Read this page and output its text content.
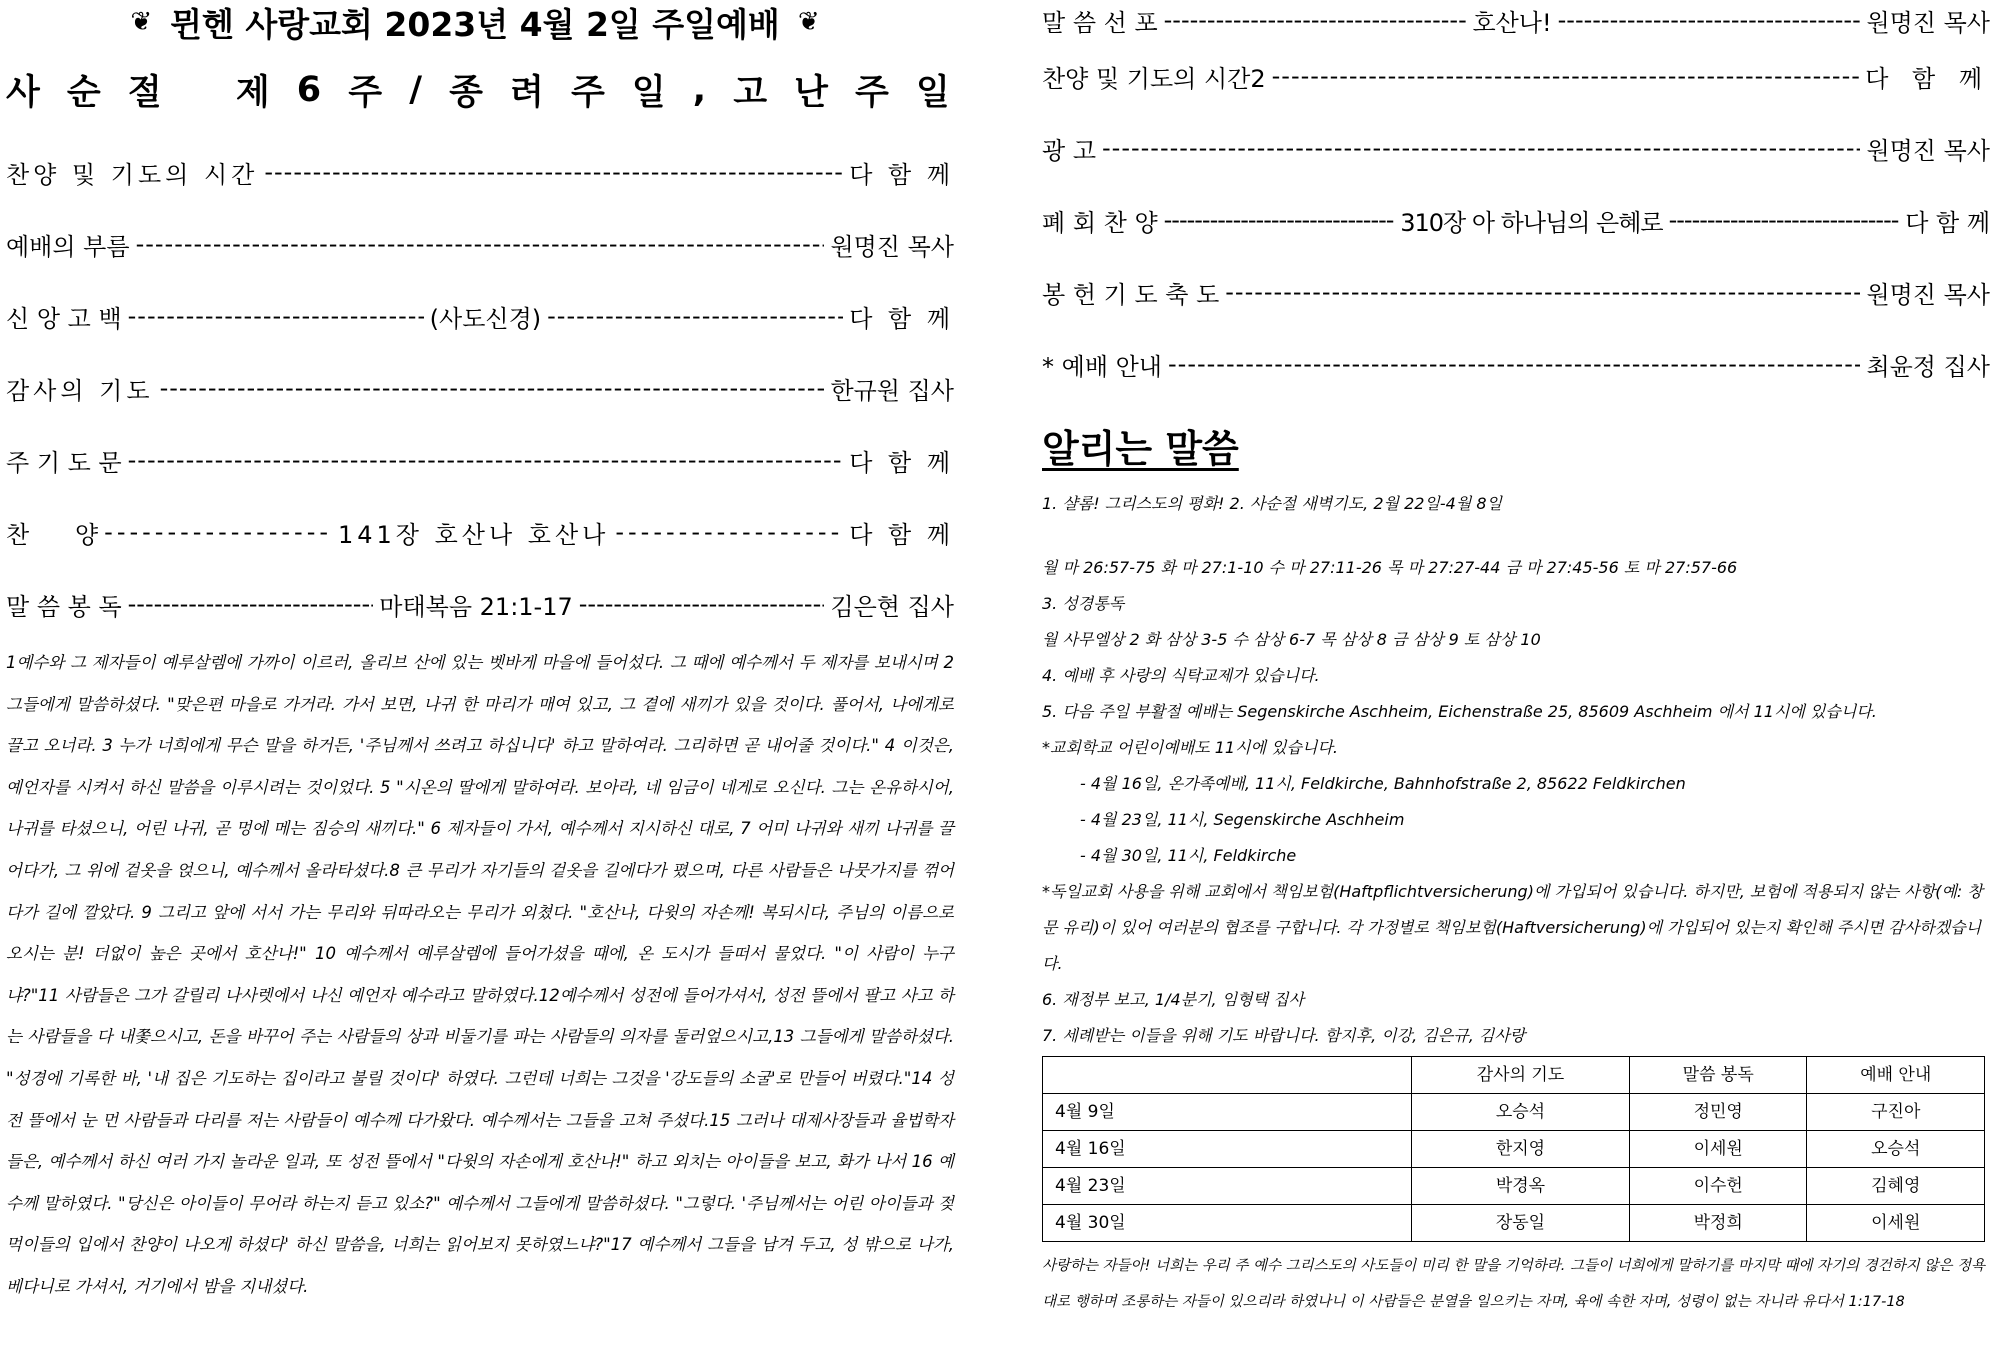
❦ 뮌헨 사랑교회 2023년 4월 2일 주일예배 ❦
사 순 절 제 6 주 / 종 려 주 일 , 고 난 주 일
찬양 및 기도의 시간 -----	다 함 께
예배의 부름 -----	원명진 목사
신 앙 고 백 -----	(사도신경) -----	다 함 께
감사의 기도 -----	한규원 집사
주 기 도 문 -----	다 함 께
찬      양 -----	141장 호산나 호산나 -----	다 함 께
말 씀 봉 독 -----	마태복음 21:1-17 -----	김은현 집사
1예수와 그 제자들이 예루살렘에 가까이 이르러, 올리브 산에 있는 벳바게 마을에 들어섰다. 그 때에 예수께서 두 제자를 보내시며 2 그들에게 말씀하셨다. "맞은편 마을로 가거라. 가서 보면, 나귀 한 마리가 매여 있고, 그 곁에 새끼가 있을 것이다. 풀어서, 나에게로 끌고 오너라. 3 누가 너희에게 무슨 말을 하거든, '주님께서 쓰려고 하십니다' 하고 말하여라. 그리하면 곧 내어줄 것이다." 4 이것은, 예언자를 시켜서 하신 말씀을 이루시려는 것이었다. 5 "시온의 딸에게 말하여라. 보아라, 네 임금이 네게로 오신다. 그는 온유하시어, 나귀를 타셨으니, 어린 나귀, 곧 멍에 메는 짐승의 새끼다." 6 제자들이 가서, 예수께서 지시하신 대로, 7 어미 나귀와 새끼 나귀를 끌어다가, 그 위에 겉옷을 얹으니, 예수께서 올라타셨다.8 큰 무리가 자기들의 겉옷을 길에다가 폈으며, 다른 사람들은 나뭇가지를 꺾어다가 길에 깔았다. 9 그리고 앞에 서서 가는 무리와 뒤따라오는 무리가 외쳤다. "호산나, 다윗의 자손께! 복되시다, 주님의 이름으로 오시는 분! 더없이 높은 곳에서 호산나!" 10 예수께서 예루살렘에 들어가셨을 때에, 온 도시가 들떠서 물었다. "이 사람이 누구냐?"11 사람들은 그가 갈릴리 나사렛에서 나신 예언자 예수라고 말하였다.12예수께서 성전에 들어가셔서, 성전 뜰에서 팔고 사고 하는 사람들을 다 내쫓으시고, 돈을 바꾸어 주는 사람들의 상과 비둘기를 파는 사람들의 의자를 둘러엎으시고,13 그들에게 말씀하셨다. "성경에 기록한 바, '내 집은 기도하는 집이라고 불릴 것이다' 하였다. 그런데 너희는 그것을 '강도들의 소굴'로 만들어 버렸다."14 성전 뜰에서 눈 먼 사람들과 다리를 저는 사람들이 예수께 다가왔다. 예수께서는 그들을 고쳐 주셨다.15 그러나 대제사장들과 율법학자들은, 예수께서 하신 여러 가지 놀라운 일과, 또 성전 뜰에서 "다윗의 자손에게 호산나!" 하고 외치는 아이들을 보고, 화가 나서 16 예수께 말하였다. "당신은 아이들이 무어라 하는지 듣고 있소?" 예수께서 그들에게 말씀하셨다. "그렇다. '주님께서는 어린 아이들과 젖먹이들의 입에서 찬양이 나오게 하셨다' 하신 말씀을, 너희는 읽어보지 못하였느냐?"17 예수께서 그들을 남겨 두고, 성 밖으로 나가, 베다니로 가셔서, 거기에서 밤을 지내셨다.
말 씀 선 포 -----	호산나! -----	원명진 목사
찬양 및 기도의 시간2 -----	다 함 께
광 고 -----	원명진 목사
폐 회 찬 양 -----	310장 아 하나님의 은혜로 -----	다 함 께
봉 헌 기 도 축 도 -----	원명진 목사
* 예배 안내 -----	최윤정 집사
알리는 말씀
1. 샬롬! 그리스도의 평화! 2. 사순절 새벽기도, 2월 22일-4월 8일
월 마 26:57-75 화 마 27:1-10 수 마 27:11-26 목 마 27:27-44 금 마 27:45-56 토 마 27:57-66
3. 성경통독
월 사무엘상 2 화 삼상 3-5 수 삼상 6-7 목 삼상 8 금 삼상 9 토 삼상 10
4. 예배 후 사랑의 식탁교제가 있습니다.
5. 다음 주일 부활절 예배는 Segenskirche Aschheim, Eichenstraße 25, 85609 Aschheim 에서 11시에 있습니다.
*교회학교 어린이예배도 11시에 있습니다.
- 4월 16일, 온가족예배, 11시, Feldkirche, Bahnhofstraße 2, 85622 Feldkirchen
- 4월 23일, 11시, Segenskirche Aschheim
- 4월 30일, 11시, Feldkirche
*독일교회 사용을 위해 교회에서 책임보험(Haftpflichtversicherung)에 가입되어 있습니다. 하지만, 보험에 적용되지 않는 사항(예: 창문 유리)이 있어 여러분의 협조를 구합니다. 각 가정별로 책임보험(Haftversicherung)에 가입되어 있는지 확인해 주시면 감사하겠습니다.
6. 재정부 보고, 1/4분기, 임형택 집사
7. 세례받는 이들을 위해 기도 바랍니다. 함지후, 이강, 김은규, 김사랑
	감사의 기도	말씀 봉독	예배 안내
4월 9일	오승석	정민영	구진아
4월 16일	한지영	이세원	오승석
4월 23일	박경옥	이수헌	김혜영
4월 30일	장동일	박정희	이세원
사랑하는 자들아! 너희는 우리 주 예수 그리스도의 사도들이 미리 한 말을 기억하라. 그들이 너희에게 말하기를 마지막 때에 자기의 경건하지 않은 정욕대로 행하며 조롱하는 자들이 있으리라 하였나니 이 사람들은 분열을 일으키는 자며, 육에 속한 자며, 성령이 없는 자니라 유다서 1:17-18
